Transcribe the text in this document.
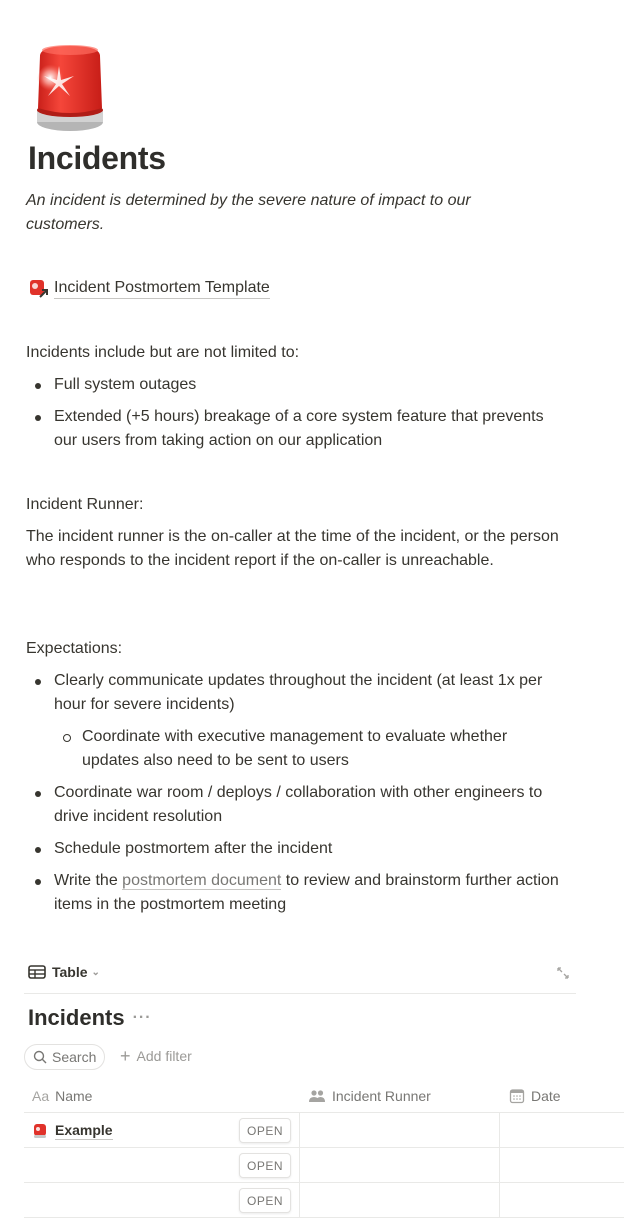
Incidents
An incident is determined by the severe nature of impact to our customers.
Incident Postmortem Template
Incidents include but are not limited to:
Full system outages
Extended (+5 hours) breakage of a core system feature that prevents our users from taking action on our application
Incident Runner:
The incident runner is the on-caller at the time of the incident, or the person who responds to the incident report if the on-caller is unreachable.
Expectations:
Clearly communicate updates throughout the incident (at least 1x per hour for severe incidents)
Coordinate with executive management to evaluate whether updates also need to be sent to users
Coordinate war room / deploys / collaboration with other engineers to drive incident resolution
Schedule postmortem after the incident
Write the postmortem document to review and brainstorm further action items in the postmortem meeting
Table ⌄
Incidents ···
Search + Add filter
Aa Name	Incident Runner	Date
Example	OPEN
OPEN
OPEN
